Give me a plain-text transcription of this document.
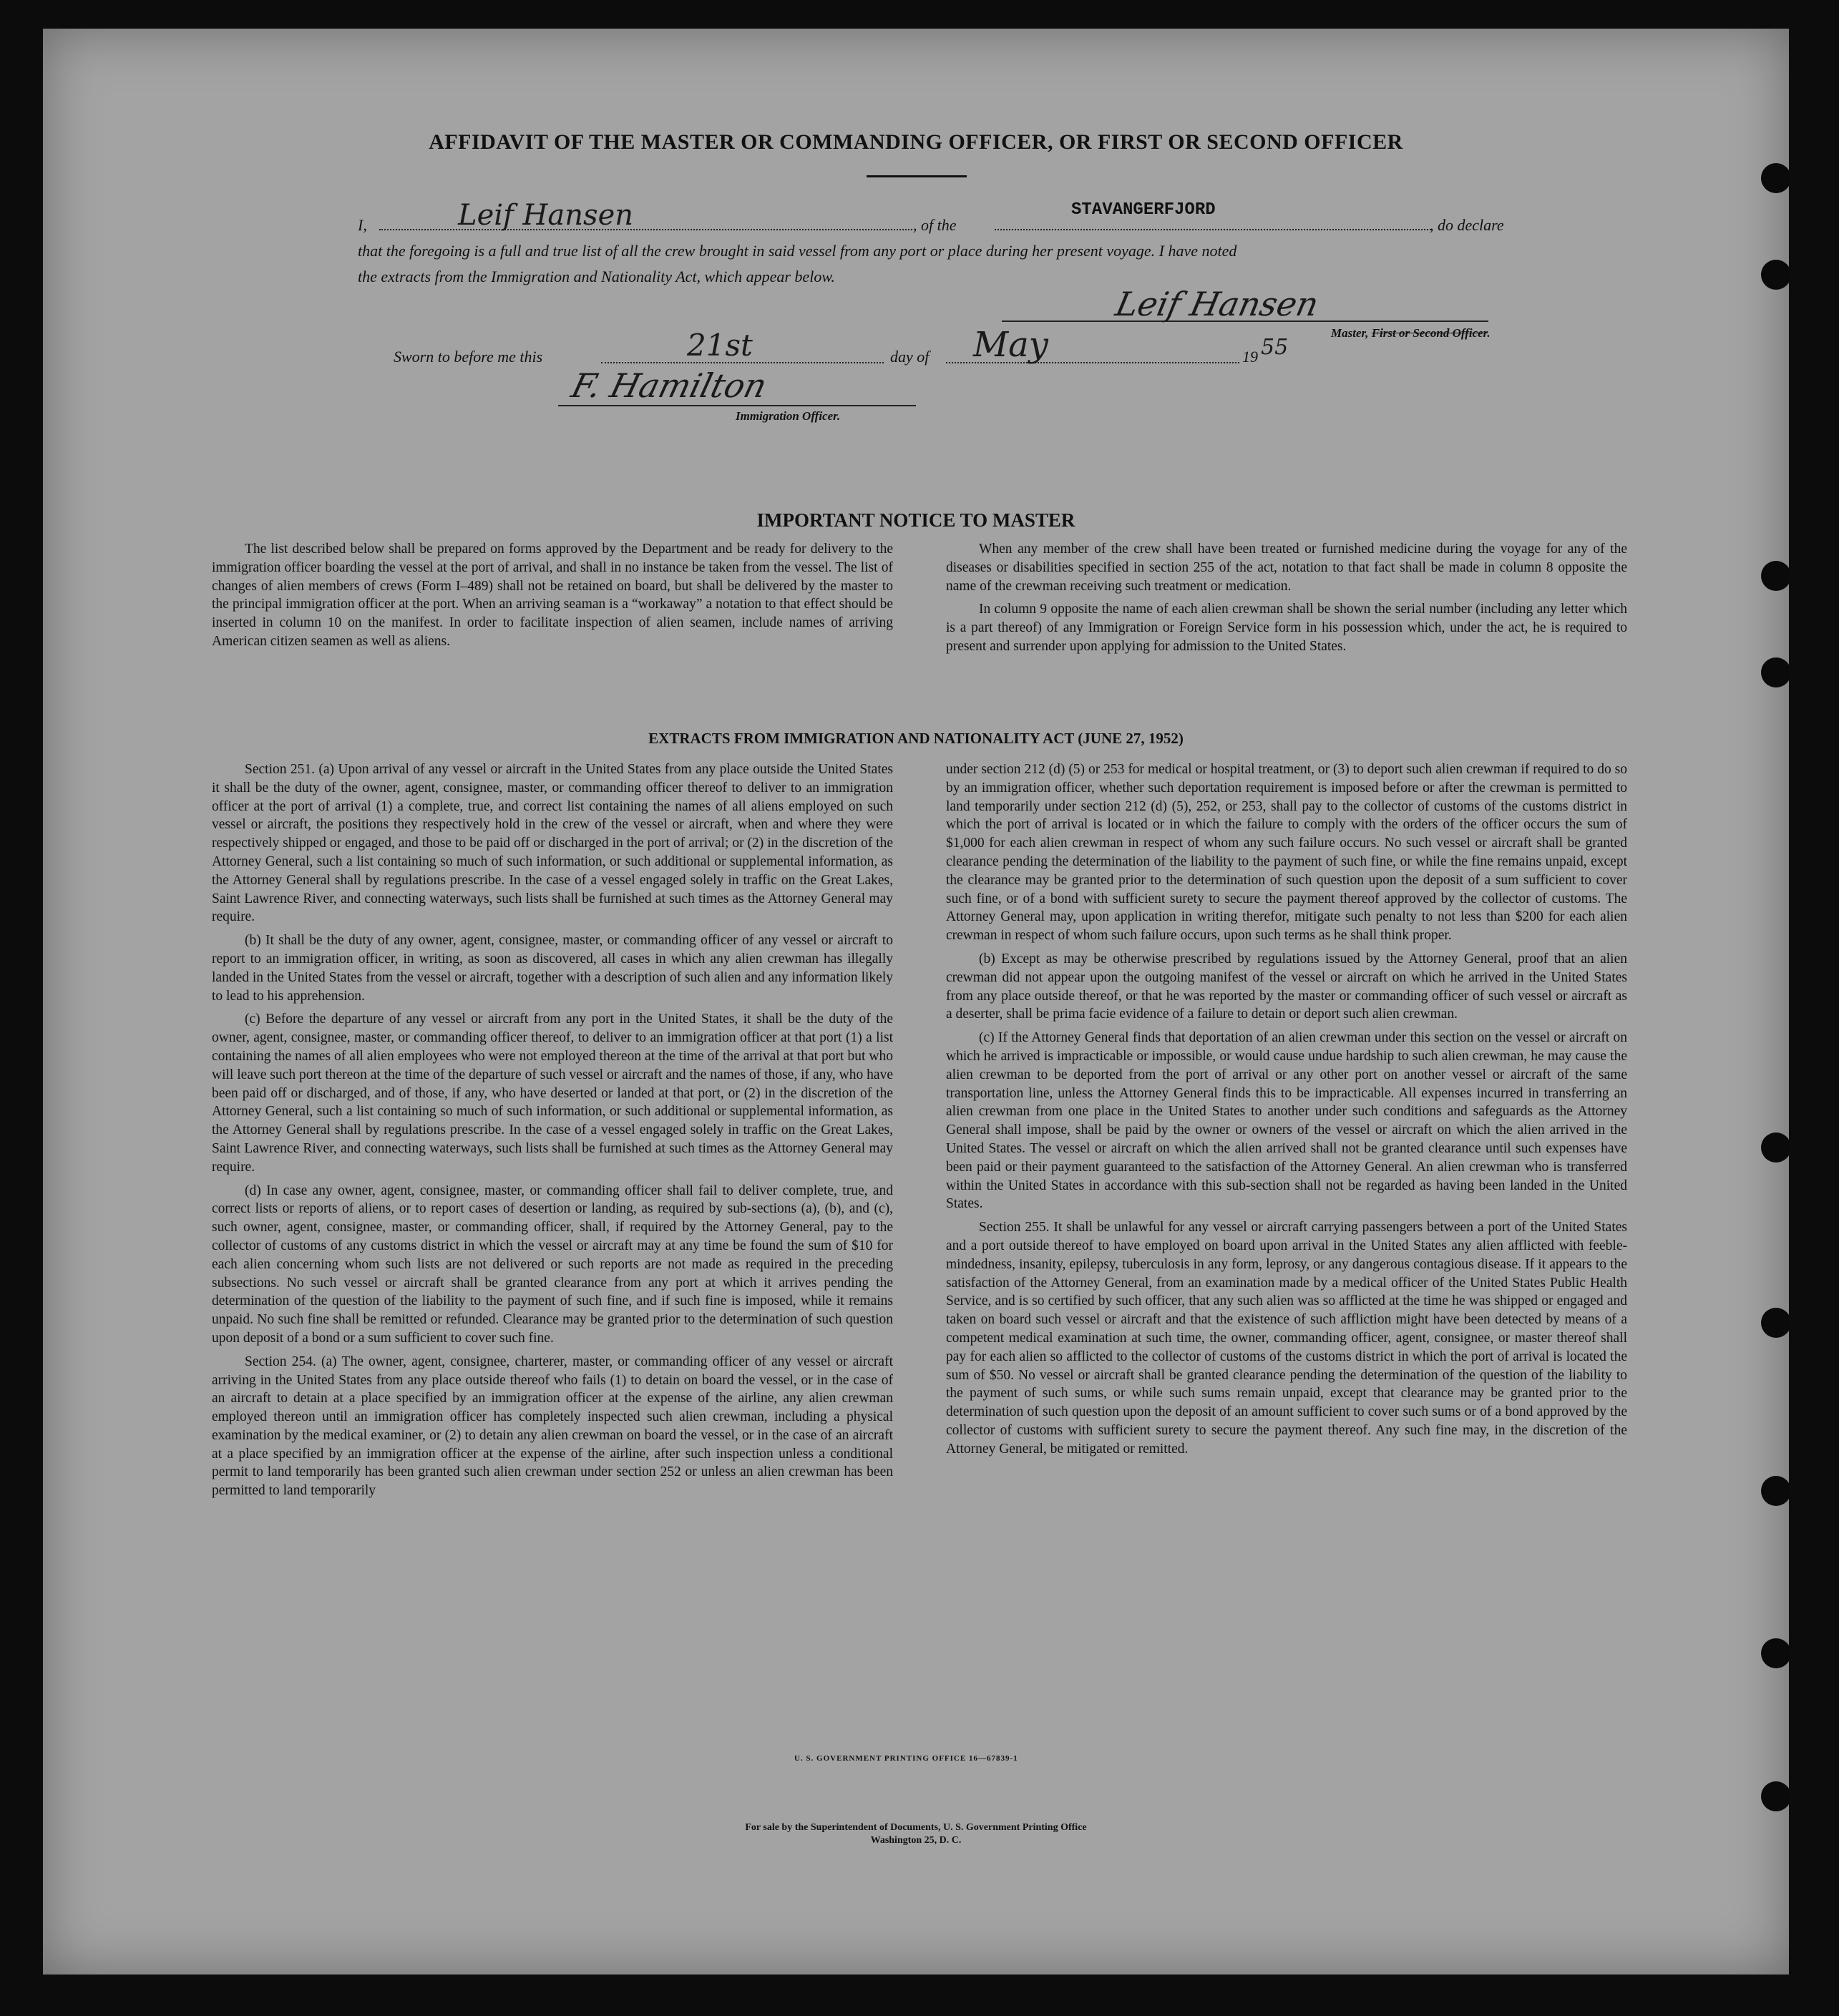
AFFIDAVIT OF THE MASTER OR COMMANDING OFFICER, OR FIRST OR SECOND OFFICER
I,	Leif Hansen	, of the
STAVANGERFJORD
, do declare
that the foregoing is a full and true list of all the crew brought in said vessel from any port or place during her present voyage. I have noted
the extracts from the Immigration and Nationality Act, which appear below.
Leif Hansen
Master, First or Second Officer.
Sworn to before me this	21st	day of May	19 55
F. Hamilton
Immigration Officer.
IMPORTANT NOTICE TO MASTER

The list described below shall be prepared on forms approved by the Department and be ready for delivery to the immigration officer boarding the vessel at the port of arrival, and shall in no instance be taken from the vessel. The list of changes of alien members of crews (Form I–489) shall not be retained on board, but shall be delivered by the master to the principal immigration officer at the port. When an arriving seaman is a “workaway” a notation to that effect should be inserted in column 10 on the manifest. In order to facilitate inspection of alien seamen, include names of arriving American citizen seamen as well as aliens.

When any member of the crew shall have been treated or furnished medicine during the voyage for any of the diseases or disabilities specified in section 255 of the act, notation to that fact shall be made in column 8 opposite the name of the crewman receiving such treatment or medication.

In column 9 opposite the name of each alien crewman shall be shown the serial number (including any letter which is a part thereof) of any Immigration or Foreign Service form in his possession which, under the act, he is required to present and surrender upon applying for admission to the United States.

EXTRACTS FROM IMMIGRATION AND NATIONALITY ACT (JUNE 27, 1952)

Section 251. (a) Upon arrival of any vessel or aircraft in the United States from any place outside the United States it shall be the duty of the owner, agent, consignee, master, or commanding officer thereof to deliver to an immigration officer at the port of arrival (1) a complete, true, and correct list containing the names of all aliens employed on such vessel or aircraft, the positions they respectively hold in the crew of the vessel or aircraft, when and where they were respectively shipped or engaged, and those to be paid off or discharged in the port of arrival; or (2) in the discretion of the Attorney General, such a list containing so much of such information, or such additional or supplemental information, as the Attorney General shall by regulations prescribe. In the case of a vessel engaged solely in traffic on the Great Lakes, Saint Lawrence River, and connecting waterways, such lists shall be furnished at such times as the Attorney General may require.

(b) It shall be the duty of any owner, agent, consignee, master, or commanding officer of any vessel or aircraft to report to an immigration officer, in writing, as soon as discovered, all cases in which any alien crewman has illegally landed in the United States from the vessel or aircraft, together with a description of such alien and any information likely to lead to his apprehension.

(c) Before the departure of any vessel or aircraft from any port in the United States, it shall be the duty of the owner, agent, consignee, master, or commanding officer thereof, to deliver to an immigration officer at that port (1) a list containing the names of all alien employees who were not employed thereon at the time of the arrival at that port but who will leave such port thereon at the time of the departure of such vessel or aircraft and the names of those, if any, who have been paid off or discharged, and of those, if any, who have deserted or landed at that port, or (2) in the discretion of the Attorney General, such a list containing so much of such information, or such additional or supplemental information, as the Attorney General shall by regulations prescribe. In the case of a vessel engaged solely in traffic on the Great Lakes, Saint Lawrence River, and connecting waterways, such lists shall be furnished at such times as the Attorney General may require.

(d) In case any owner, agent, consignee, master, or commanding officer shall fail to deliver complete, true, and correct lists or reports of aliens, or to report cases of desertion or landing, as required by sub-sections (a), (b), and (c), such owner, agent, consignee, master, or commanding officer, shall, if required by the Attorney General, pay to the collector of customs of any customs district in which the vessel or aircraft may at any time be found the sum of $10 for each alien concerning whom such lists are not delivered or such reports are not made as required in the preceding subsections. No such vessel or aircraft shall be granted clearance from any port at which it arrives pending the determination of the question of the liability to the payment of such fine, and if such fine is imposed, while it remains unpaid. No such fine shall be remitted or refunded. Clearance may be granted prior to the determination of such question upon deposit of a bond or a sum sufficient to cover such fine.

Section 254. (a) The owner, agent, consignee, charterer, master, or commanding officer of any vessel or aircraft arriving in the United States from any place outside thereof who fails (1) to detain on board the vessel, or in the case of an aircraft to detain at a place specified by an immigration officer at the expense of the airline, any alien crewman employed thereon until an immigration officer has completely inspected such alien crewman, including a physical examination by the medical examiner, or (2) to detain any alien crewman on board the vessel, or in the case of an aircraft at a place specified by an immigration officer at the expense of the airline, after such inspection unless a conditional permit to land temporarily has been granted such alien crewman under section 252 or unless an alien crewman has been permitted to land temporarily

under section 212 (d) (5) or 253 for medical or hospital treatment, or (3) to deport such alien crewman if required to do so by an immigration officer, whether such deportation requirement is imposed before or after the crewman is permitted to land temporarily under section 212 (d) (5), 252, or 253, shall pay to the collector of customs of the customs district in which the port of arrival is located or in which the failure to comply with the orders of the officer occurs the sum of $1,000 for each alien crewman in respect of whom any such failure occurs. No such vessel or aircraft shall be granted clearance pending the determination of the liability to the payment of such fine, or while the fine remains unpaid, except the clearance may be granted prior to the determination of such question upon the deposit of a sum sufficient to cover such fine, or of a bond with sufficient surety to secure the payment thereof approved by the collector of customs. The Attorney General may, upon application in writing therefor, mitigate such penalty to not less than $200 for each alien crewman in respect of whom such failure occurs, upon such terms as he shall think proper.

(b) Except as may be otherwise prescribed by regulations issued by the Attorney General, proof that an alien crewman did not appear upon the outgoing manifest of the vessel or aircraft on which he arrived in the United States from any place outside thereof, or that he was reported by the master or commanding officer of such vessel or aircraft as a deserter, shall be prima facie evidence of a failure to detain or deport such alien crewman.

(c) If the Attorney General finds that deportation of an alien crewman under this section on the vessel or aircraft on which he arrived is impracticable or impossible, or would cause undue hardship to such alien crewman, he may cause the alien crewman to be deported from the port of arrival or any other port on another vessel or aircraft of the same transportation line, unless the Attorney General finds this to be impracticable. All expenses incurred in transferring an alien crewman from one place in the United States to another under such conditions and safeguards as the Attorney General shall impose, shall be paid by the owner or owners of the vessel or aircraft on which the alien arrived in the United States. The vessel or aircraft on which the alien arrived shall not be granted clearance until such expenses have been paid or their payment guaranteed to the satisfaction of the Attorney General. An alien crewman who is transferred within the United States in accordance with this sub-section shall not be regarded as having been landed in the United States.

Section 255. It shall be unlawful for any vessel or aircraft carrying passengers between a port of the United States and a port outside thereof to have employed on board upon arrival in the United States any alien afflicted with feeble-mindedness, insanity, epilepsy, tuberculosis in any form, leprosy, or any dangerous contagious disease. If it appears to the satisfaction of the Attorney General, from an examination made by a medical officer of the United States Public Health Service, and is so certified by such officer, that any such alien was so afflicted at the time he was shipped or engaged and taken on board such vessel or aircraft and that the existence of such affliction might have been detected by means of a competent medical examination at such time, the owner, commanding officer, agent, consignee, or master thereof shall pay for each alien so afflicted to the collector of customs of the customs district in which the port of arrival is located the sum of $50. No vessel or aircraft shall be granted clearance pending the determination of the question of the liability to the payment of such sums, or while such sums remain unpaid, except that clearance may be granted prior to the determination of such question upon the deposit of an amount sufficient to cover such sums or of a bond approved by the collector of customs with sufficient surety to secure the payment thereof. Any such fine may, in the discretion of the Attorney General, be mitigated or remitted.

U. S. GOVERNMENT PRINTING OFFICE 16—67839-1
For sale by the Superintendent of Documents, U. S. Government Printing Office
Washington 25, D. C.
